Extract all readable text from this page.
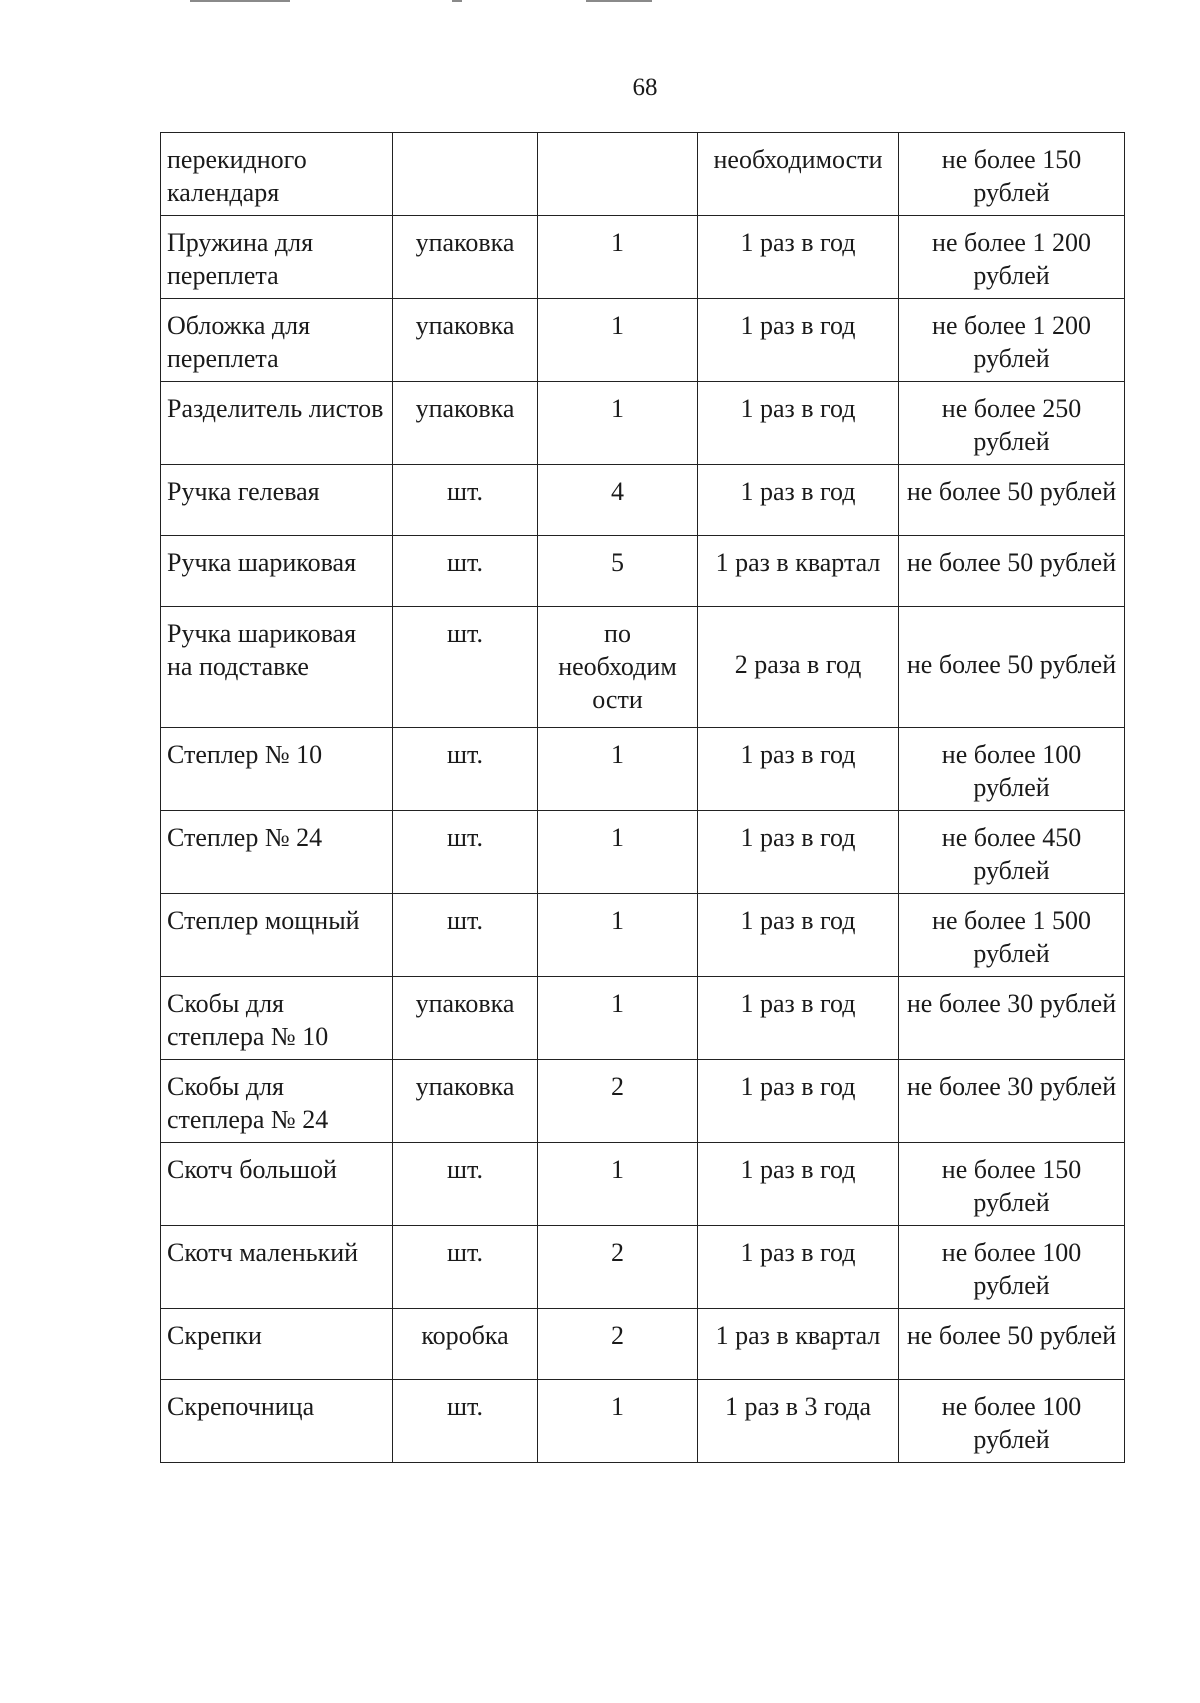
68
перекидного календаря			необходимости	не более 150 рублей
Пружина для переплета	упаковка	1	1 раз в год	не более 1 200 рублей
Обложка для переплета	упаковка	1	1 раз в год	не более 1 200 рублей
Разделитель листов	упаковка	1	1 раз в год	не более 250 рублей
Ручка гелевая	шт.	4	1 раз в год	не более 50 рублей
Ручка шариковая	шт.	5	1 раз в квартал	не более 50 рублей
Ручка шариковая на подставке	шт.	по необходим ости	2 раза в год	не более 50 рублей
Степлер № 10	шт.	1	1 раз в год	не более 100 рублей
Степлер № 24	шт.	1	1 раз в год	не более 450 рублей
Степлер мощный	шт.	1	1 раз в год	не более 1 500 рублей
Скобы для степлера № 10	упаковка	1	1 раз в год	не более 30 рублей
Скобы для степлера № 24	упаковка	2	1 раз в год	не более 30 рублей
Скотч большой	шт.	1	1 раз в год	не более 150 рублей
Скотч маленький	шт.	2	1 раз в год	не более 100 рублей
Скрепки	коробка	2	1 раз в квартал	не более 50 рублей
Скрепочница	шт.	1	1 раз в 3 года	не более 100 рублей
